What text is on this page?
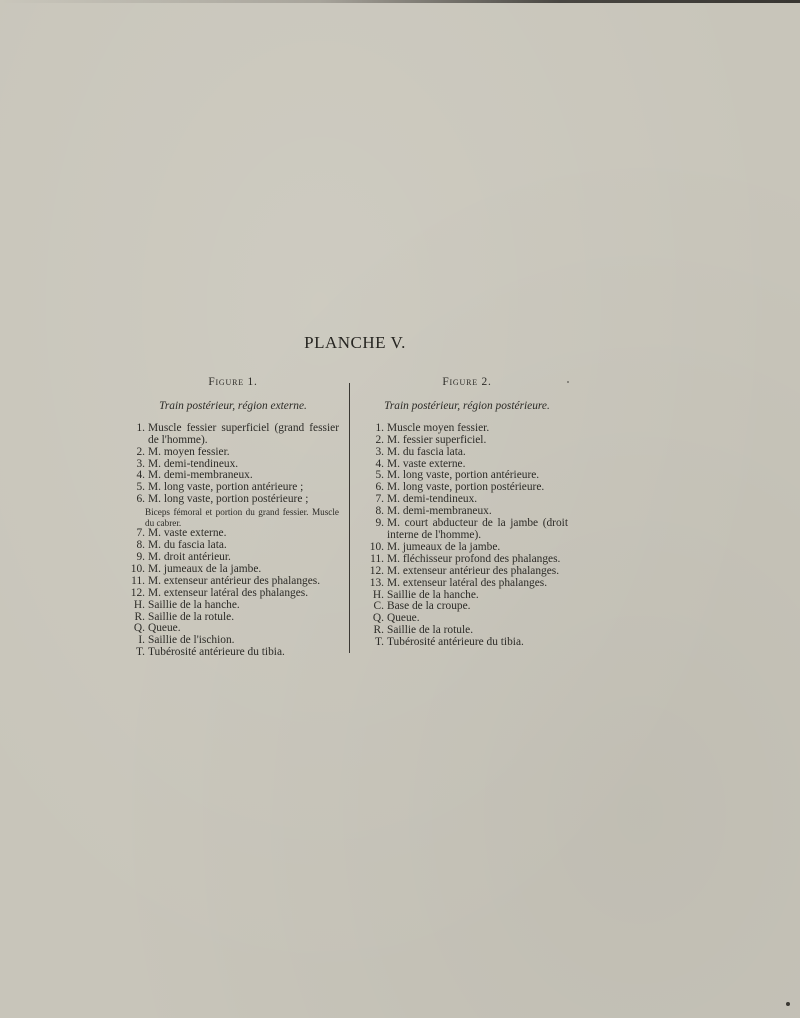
PLANCHE V.
Figure 1.
Train postérieur, région externe.
1. Muscle fessier superficiel (grand fessier de l'homme).
2. M. moyen fessier.
3. M. demi-tendineux.
4. M. demi-membraneux.
5. M. long vaste, portion antérieure ;
6. M. long vaste, portion postérieure ;
Biceps fémoral et portion du grand fessier. Muscle du cabrer.
7. M. vaste externe.
8. M. du fascia lata.
9. M. droit antérieur.
10. M. jumeaux de la jambe.
11. M. extenseur antérieur des phalanges.
12. M. extenseur latéral des phalanges.
H. Saillie de la hanche.
R. Saillie de la rotule.
Q. Queue.
I. Saillie de l'ischion.
T. Tubérosité antérieure du tibia.
Figure 2.
Train postérieur, région postérieure.
1. Muscle moyen fessier.
2. M. fessier superficiel.
3. M. du fascia lata.
4. M. vaste externe.
5. M. long vaste, portion antérieure.
6. M. long vaste, portion postérieure.
7. M. demi-tendineux.
8. M. demi-membraneux.
9. M. court abducteur de la jambe (droit interne de l'homme).
10. M. jumeaux de la jambe.
11. M. fléchisseur profond des phalanges.
12. M. extenseur antérieur des phalanges.
13. M. extenseur latéral des phalanges.
H. Saillie de la hanche.
C. Base de la croupe.
Q. Queue.
R. Saillie de la rotule.
T. Tubérosité antérieure du tibia.
